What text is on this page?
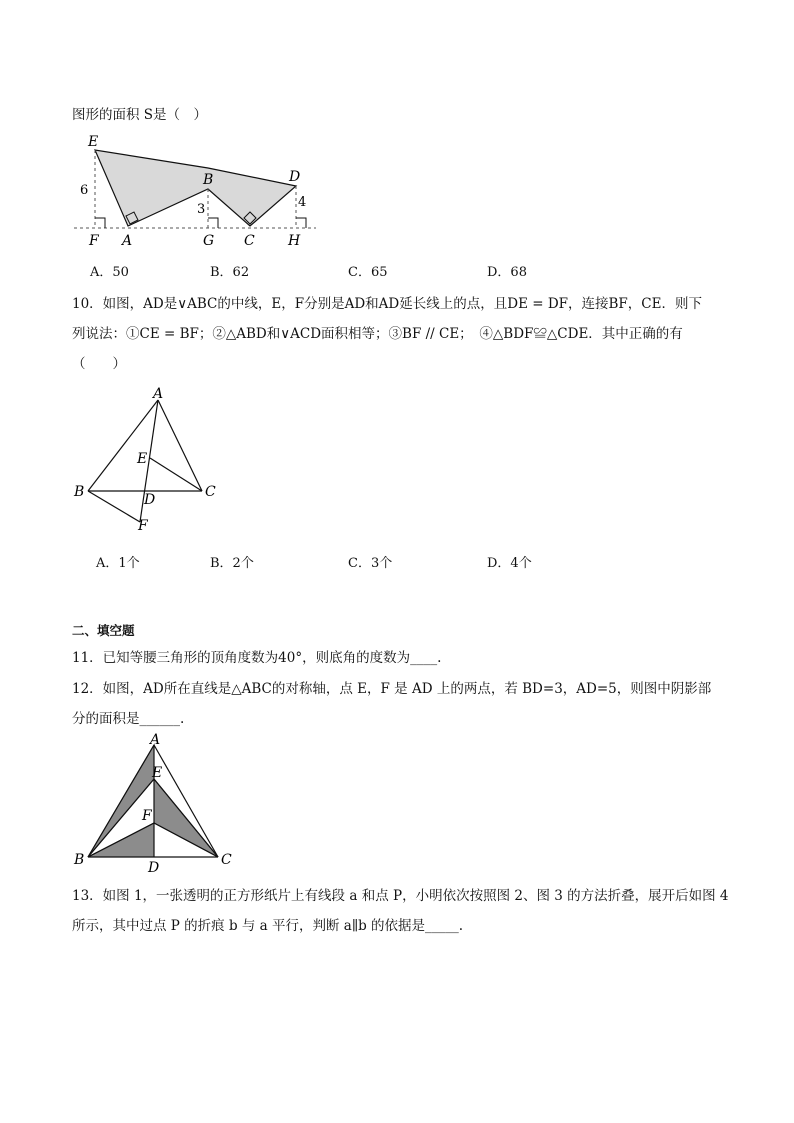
图形的面积 S是（　）
E
B	D
F A	G C H
6
3	4
A．50	B．62	C．65	D．68
10．如图，AD是∨ABC的中线，E，F分别是AD和AD延长线上的点，且DE = DF，连接BF，CE．则下
列说法：①CE = BF；②△ABD和∨ACD面积相等；③BF // CE；　④△BDF≌△CDE．其中正确的有
（　　）
A
E
B	D	C
F
A．1个	B．2个	C．3个	D．4个
二、填空题
11．已知等腰三角形的顶角度数为40°，则底角的度数为____.
12．如图，AD所在直线是△ABC的对称轴，点 E，F 是 AD 上的两点，若 BD=3，AD=5，则图中阴影部
分的面积是______.
A
E
F
B	D	C
13．如图 1，一张透明的正方形纸片上有线段 a 和点 P，小明依次按照图 2、图 3 的方法折叠，展开后如图 4
所示，其中过点 P 的折痕 b 与 a 平行，判断 a∥b 的依据是_____.
